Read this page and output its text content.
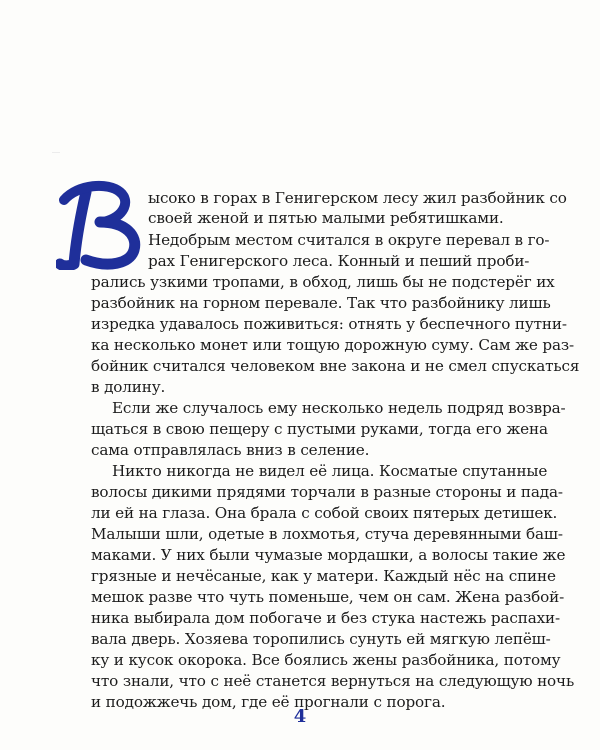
ысоко в горах в Генигерском лесу жил разбойник со
своей женой и пятью малыми ребятишками.
Недобрым местом считался в округе перевал в го-
рах Генигерского леса. Конный и пеший проби-
рались узкими тропами, в обход, лишь бы не подстерёг их
разбойник на горном перевале. Так что разбойнику лишь
изредка удавалось поживиться: отнять у беспечного путни-
ка несколько монет или тощую дорожную суму. Сам же раз-
бойник считался человеком вне закона и не смел спускаться
в долину.
Если же случалось ему несколько недель подряд возвра-
щаться в свою пещеру с пустыми руками, тогда его жена
сама отправлялась вниз в селение.
Никто никогда не видел её лица. Косматые спутанные
волосы дикими прядями торчали в разные стороны и пада-
ли ей на глаза. Она брала с собой своих пятерых детишек.
Малыши шли, одетые в лохмотья, стуча деревянными баш-
маками. У них были чумазые мордашки, а волосы такие же
грязные и нечёсаные, как у матери. Каждый нёс на спине
мешок разве что чуть поменьше, чем он сам. Жена разбой-
ника выбирала дом побогаче и без стука настежь распахи-
вала дверь. Хозяева торопились сунуть ей мягкую лепёш-
ку и кусок окорока. Все боялись жены разбойника, потому
что знали, что с неё станется вернуться на следующую ночь
и подожжечь дом, где её прогнали с порога.
4
